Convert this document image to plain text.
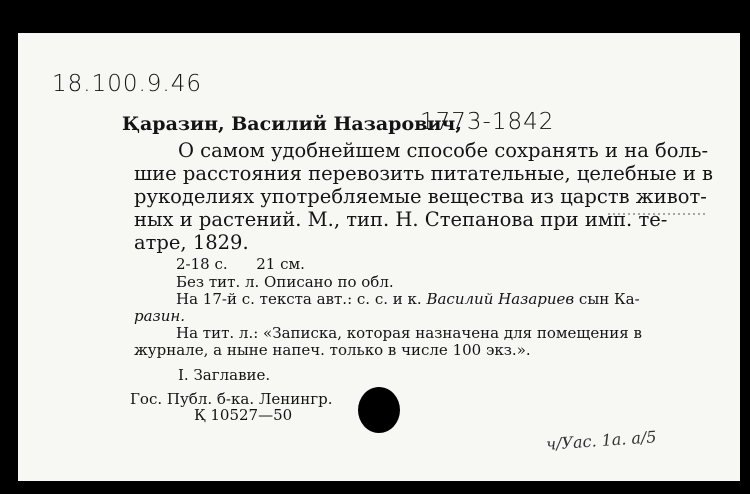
18.100.9.46
Қаразин, Василий Назарович,
1773-1842
О самом удобнейшем способе сохранять и на боль-
шие расстояния перевозить питательные, целебные и в
рукоделиях употребляемые вещества из царств живот-
ных и растений. М., тип. Н. Степанова при имп. те-
атре, 1829.
2-18 с.      21 см.
Без тит. л. Описано по обл.
На 17-й с. текста авт.: с. с. и к. Василий Назариев сын Ка-
разин.
На тит. л.: «Записка, которая назначена для помещения в
журнале, а ныне напеч. только в числе 100 экз.».
I. Заглавие.
Гос. Публ. б-ка. Ленингр.
Қ 10527—50
ч/Уас. 1а. а/5
